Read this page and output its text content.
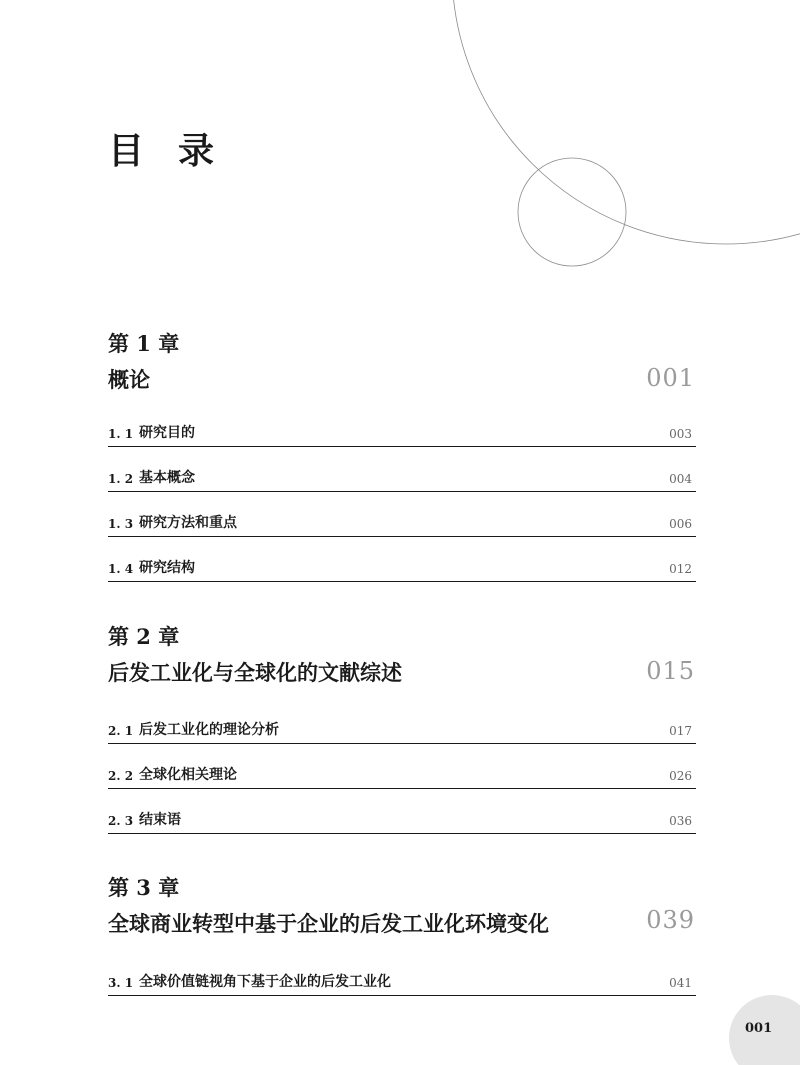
目录
第 1 章
概论	001
1. 1 研究目的	003
1. 2 基本概念	004
1. 3 研究方法和重点	006
1. 4 研究结构	012
第 2 章
后发工业化与全球化的文献综述	015
2. 1 后发工业化的理论分析	017
2. 2 全球化相关理论	026
2. 3 结束语	036
第 3 章
全球商业转型中基于企业的后发工业化环境变化	039
3. 1 全球价值链视角下基于企业的后发工业化	041
001
